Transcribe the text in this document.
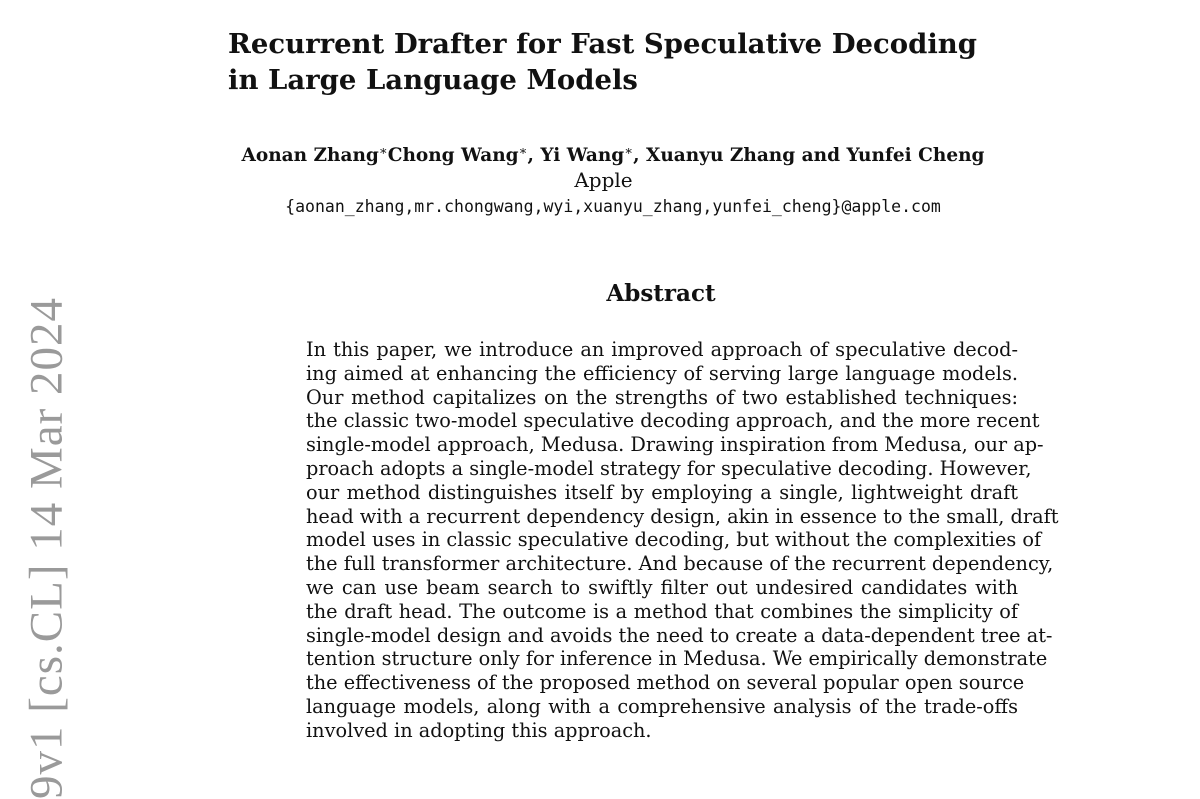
Recurrent Drafter for Fast Speculative Decoding
in Large Language Models
Aonan Zhang∗Chong Wang∗, Yi Wang∗, Xuanyu Zhang and Yunfei Cheng
Apple
{aonan_zhang,mr.chongwang,wyi,xuanyu_zhang,yunfei_cheng}@apple.com
Abstract
In this paper, we introduce an improved approach of speculative decod-
ing aimed at enhancing the efficiency of serving large language models.
Our method capitalizes on the strengths of two established techniques:
the classic two-model speculative decoding approach, and the more recent
single-model approach, Medusa. Drawing inspiration from Medusa, our ap-
proach adopts a single-model strategy for speculative decoding. However,
our method distinguishes itself by employing a single, lightweight draft
head with a recurrent dependency design, akin in essence to the small, draft
model uses in classic speculative decoding, but without the complexities of
the full transformer architecture. And because of the recurrent dependency,
we can use beam search to swiftly filter out undesired candidates with
the draft head. The outcome is a method that combines the simplicity of
single-model design and avoids the need to create a data-dependent tree at-
tention structure only for inference in Medusa. We empirically demonstrate
the effectiveness of the proposed method on several popular open source
language models, along with a comprehensive analysis of the trade-offs
involved in adopting this approach.
9v1 [cs.CL] 14 Mar 2024
